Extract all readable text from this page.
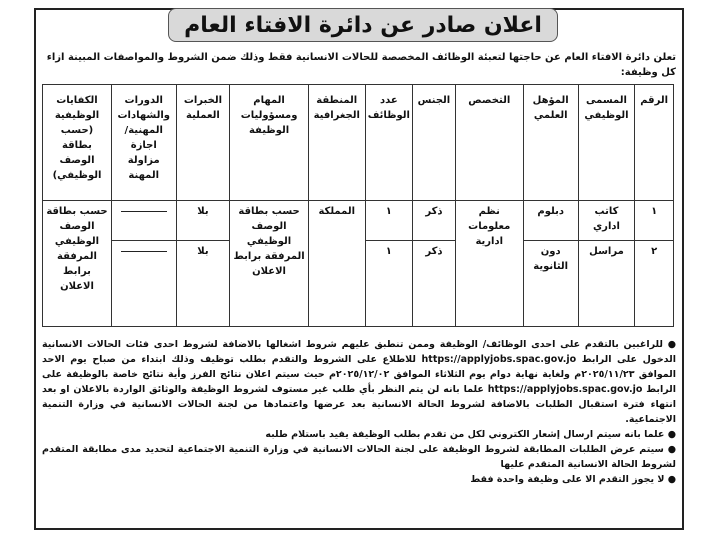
اعلان صادر عن دائرة الافتاء العام
تعلن دائرة الافتاء العام عن حاجتها لتعبئة الوظائف المخصصة للحالات الانسانية فقط وذلك ضمن الشروط والمواصفات المبينة ازاء كل وظيفة:
الرقم	المسمى الوظيفي	المؤهل العلمي	التخصص	الجنس	عدد الوظائف	المنطقة الجغرافية	المهام ومسؤوليات الوظيفة	الخبرات العملية	الدورات والشهادات المهنية/ اجازة مزاولة المهنة	الكفايات الوظيفية (حسب بطاقة الوصف الوظيفي)
١	كاتب اداري	دبلوم	نظم معلومات ادارية	ذكر	١	المملكة	حسب بطاقة الوصف الوظيفي المرفقة برابط الاعلان	بلا		حسب بطاقة الوصف الوظيفي المرفقة برابط الاعلان
٢	مراسل	دون الثانوية		ذكر	١			بلا		

● للراغبين بالتقدم على احدى الوظائف/ الوظيفة وممن تنطبق عليهم شروط اشغالها بالاضافة لشروط احدى فئات الحالات الانسانية الدخول على الرابط https://applyjobs.spac.gov.jo للاطلاع على الشروط والتقدم بطلب توظيف وذلك ابتداء من صباح يوم الاحد الموافق ٢٠٢٥/١١/٢٣م ولغاية نهاية دوام يوم الثلاثاء الموافق ٢٠٢٥/١٢/٠٢م حيث سيتم اعلان نتائج الفرز وأية نتائج خاصة بالوظيفة على الرابط https://applyjobs.spac.gov.jo علما بانه لن يتم النظر بأي طلب غير مستوف لشروط الوظيفة والوثائق الواردة بالاعلان او بعد انتهاء فترة استقبال الطلبات بالاضافة لشروط الحالة الانسانية بعد عرضها واعتمادها من لجنة الحالات الانسانية في وزارة التنمية الاجتماعية.

● علما بانه سيتم ارسال إشعار الكتروني لكل من تقدم بطلب الوظيفة يفيد باستلام طلبه

● سيتم عرض الطلبات المطابقة لشروط الوظيفة على لجنة الحالات الانسانية في وزارة التنمية الاجتماعية لتحديد مدى مطابقة المتقدم لشروط الحالة الانسانية المتقدم عليها

● لا يجوز التقدم الا على وظيفة واحدة فقط
